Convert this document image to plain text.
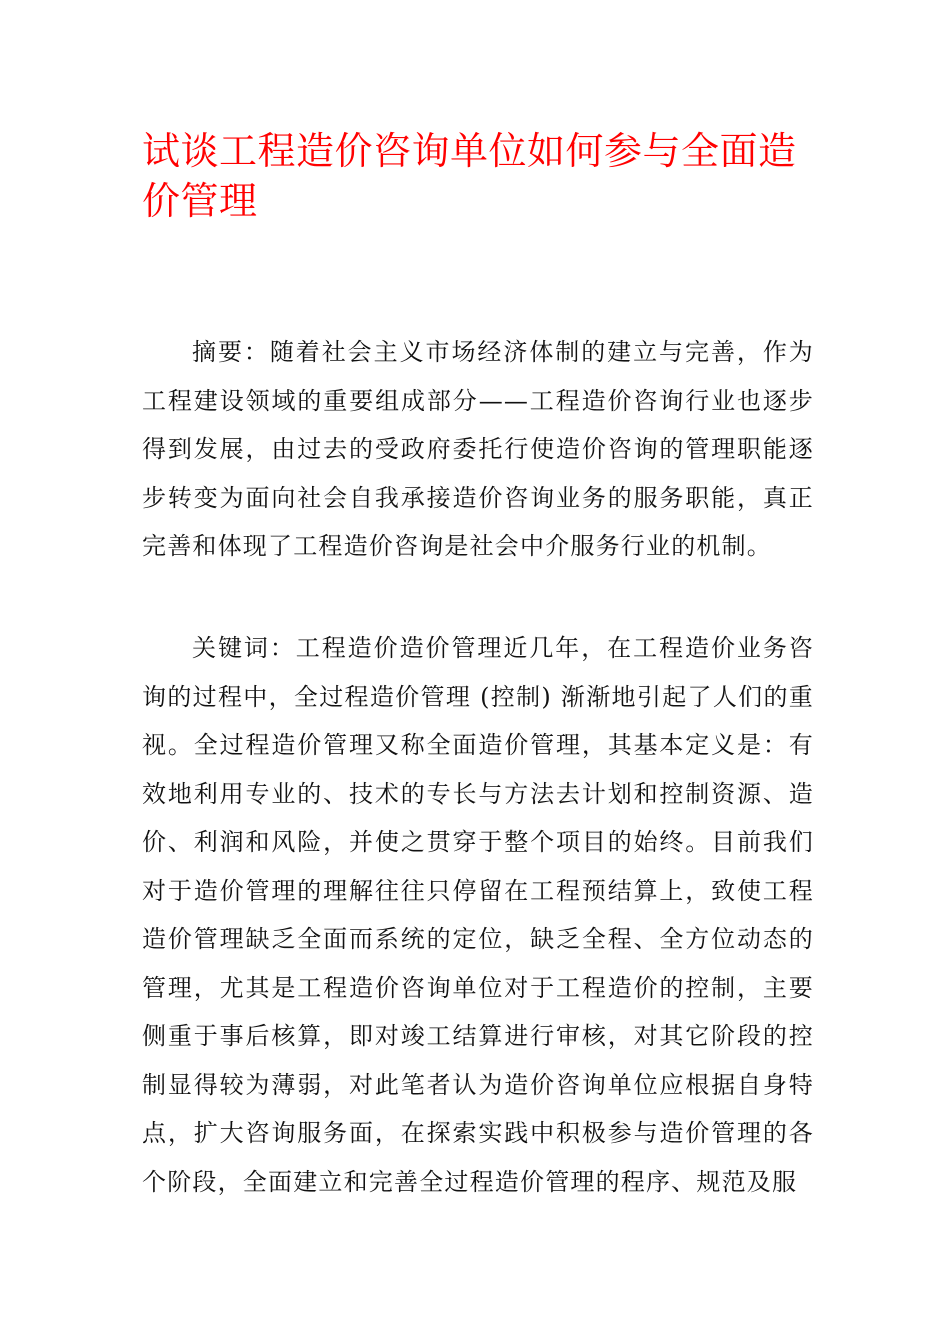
试谈工程造价咨询单位如何参与全面造价管理

摘要：随着社会主义市场经济体制的建立与完善，作为工程建设领域的重要组成部分——工程造价咨询行业也逐步得到发展，由过去的受政府委托行使造价咨询的管理职能逐步转变为面向社会自我承接造价咨询业务的服务职能，真正完善和体现了工程造价咨询是社会中介服务行业的机制。

关键词：工程造价造价管理近几年，在工程造价业务咨询的过程中，全过程造价管理 (控制) 渐渐地引起了人们的重视。全过程造价管理又称全面造价管理，其基本定义是：有效地利用专业的、技术的专长与方法去计划和控制资源、造价、利润和风险，并使之贯穿于整个项目的始终。目前我们对于造价管理的理解往往只停留在工程预结算上，致使工程造价管理缺乏全面而系统的定位，缺乏全程、全方位动态的管理，尤其是工程造价咨询单位对于工程造价的控制，主要侧重于事后核算，即对竣工结算进行审核，对其它阶段的控制显得较为薄弱，对此笔者认为造价咨询单位应根据自身特点，扩大咨询服务面，在探索实践中积极参与造价管理的各个阶段，全面建立和完善全过程造价管理的程序、规范及服
